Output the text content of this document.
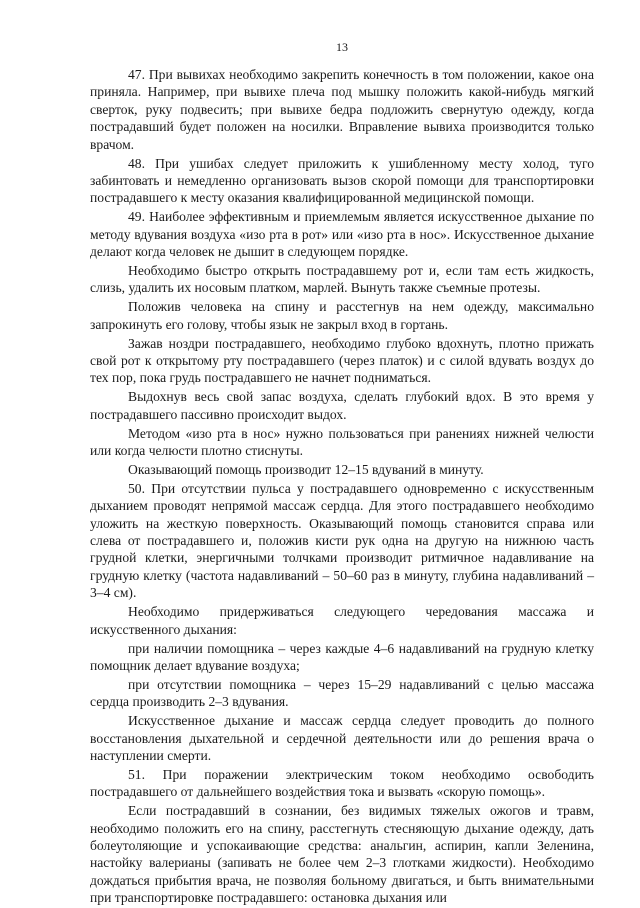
13

47. При вывихах необходимо закрепить конечность в том положении, какое она приняла. Например, при вывихе плеча под мышку положить какой-нибудь мягкий сверток, руку подвесить; при вывихе бедра подложить свернутую одежду, когда пострадавший будет положен на носилки. Вправление вывиха производится только врачом.

48. При ушибах следует приложить к ушибленному месту холод, туго забинтовать и немедленно организовать вызов скорой помощи для транспортировки пострадавшего к месту оказания квалифицированной медицинской помощи.

49. Наиболее эффективным и приемлемым является искусственное дыхание по методу вдувания воздуха «изо рта в рот» или «изо рта в нос». Искусственное дыхание делают когда человек не дышит в следующем порядке.

Необходимо быстро открыть пострадавшему рот и, если там есть жидкость, слизь, удалить их носовым платком, марлей. Вынуть также съемные протезы.

Положив человека на спину и расстегнув на нем одежду, максимально запрокинуть его голову, чтобы язык не закрыл вход в гортань.

Зажав ноздри пострадавшего, необходимо глубоко вдохнуть, плотно прижать свой рот к открытому рту пострадавшего (через платок) и с силой вдувать воздух до тех пор, пока грудь пострадавшего не начнет подниматься.

Выдохнув весь свой запас воздуха, сделать глубокий вдох. В это время у пострадавшего пассивно происходит выдох.

Методом «изо рта в нос» нужно пользоваться при ранениях нижней челюсти или когда челюсти плотно стиснуты.

Оказывающий помощь производит 12–15 вдуваний в минуту.

50. При отсутствии пульса у пострадавшего одновременно с искусственным дыханием проводят непрямой массаж сердца. Для этого пострадавшего необходимо уложить на жесткую поверхность. Оказывающий помощь становится справа или слева от пострадавшего и, положив кисти рук одна на другую на нижнюю часть грудной клетки, энергичными толчками производит ритмичное надавливание на грудную клетку (частота надавливаний – 50–60 раз в минуту, глубина надавливаний – 3–4 см).

Необходимо придерживаться следующего чередования массажа и искусственного дыхания:

при наличии помощника – через каждые 4–6 надавливаний на грудную клетку помощник делает вдувание воздуха;

при отсутствии помощника – через 15–29 надавливаний с целью массажа сердца производить 2–3 вдувания.

Искусственное дыхание и массаж сердца следует проводить до полного восстановления дыхательной и сердечной деятельности или до решения врача о наступлении смерти.

51. При поражении электрическим током необходимо освободить пострадавшего от дальнейшего воздействия тока и вызвать «скорую помощь».

Если пострадавший в сознании, без видимых тяжелых ожогов и травм, необходимо положить его на спину, расстегнуть стесняющую дыхание одежду, дать болеутоляющие и успокаивающие средства: анальгин, аспирин, капли Зеленина, настойку валерианы (запивать не более чем 2–3 глотками жидкости). Необходимо дождаться прибытия врача, не позволяя больному двигаться, и быть внимательными при транспортировке пострадавшего: остановка дыхания или
